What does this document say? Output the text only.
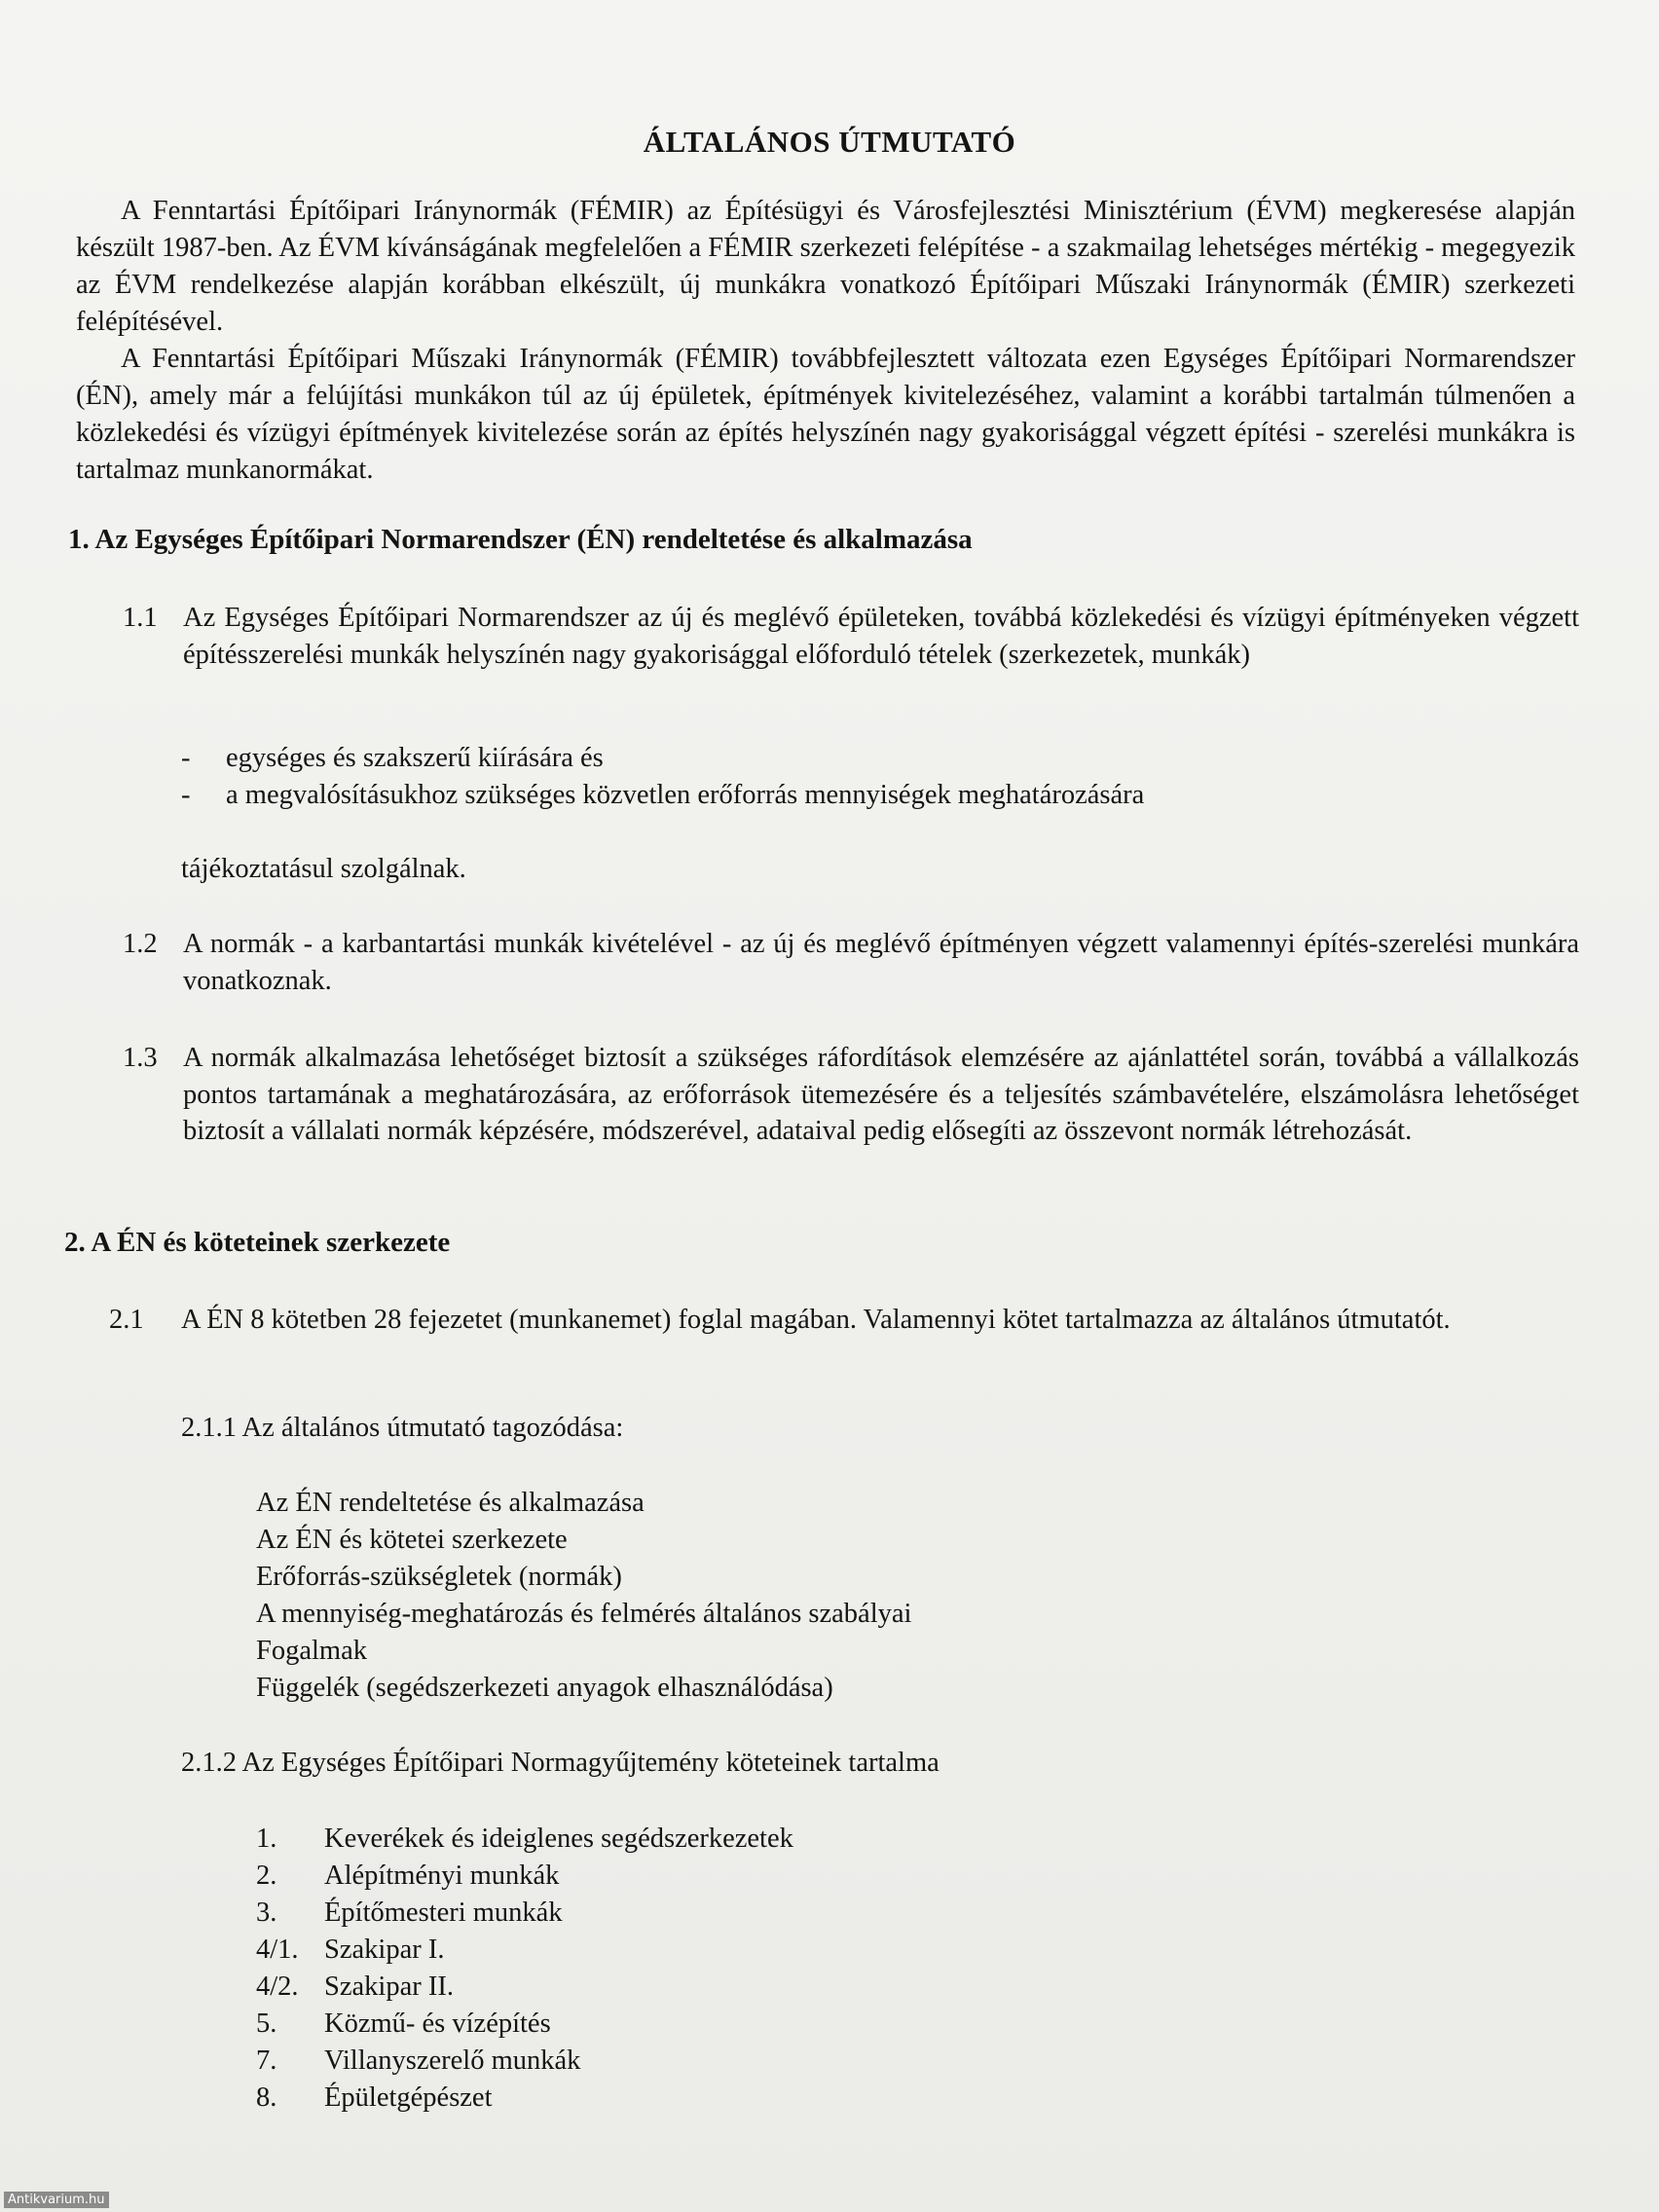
ÁLTALÁNOS ÚTMUTATÓ
A Fenntartási Építőipari Iránynormák (FÉMIR) az Építésügyi és Városfejlesztési Minisztérium (ÉVM) megkeresése alapján készült 1987-ben. Az ÉVM kívánságának megfelelően a FÉMIR szerkezeti felépítése - a szakmailag lehetséges mértékig - megegyezik az ÉVM rendelkezése alapján korábban elkészült, új munkákra vonatkozó Építőipari Műszaki Iránynormák (ÉMIR) szerkezeti felépítésével.
A Fenntartási Építőipari Műszaki Iránynormák (FÉMIR) továbbfejlesztett változata ezen Egységes Építőipari Normarendszer (ÉN), amely már a felújítási munkákon túl az új épületek, építmények kivitelezéséhez, valamint a korábbi tartalmán túlmenően a közlekedési és vízügyi építmények kivitelezése során az építés helyszínén nagy gyakorisággal végzett építési - szerelési munkákra is tartalmaz munkanormákat.
1. Az Egységes Építőipari Normarendszer (ÉN) rendeltetése és alkalmazása
1.1 Az Egységes Építőipari Normarendszer az új és meglévő épületeken, továbbá közlekedési és vízügyi építményeken végzett építésszerelési munkák helyszínén nagy gyakorisággal előforduló tételek (szerkezetek, munkák)
- egységes és szakszerű kiírására és
- a megvalósításukhoz szükséges közvetlen erőforrás mennyiségek meghatározására
tájékoztatásul szolgálnak.
1.2 A normák - a karbantartási munkák kivételével - az új és meglévő építményen végzett valamennyi építés-szerelési munkára vonatkoznak.
1.3 A normák alkalmazása lehetőséget biztosít a szükséges ráfordítások elemzésére az ajánlattétel során, továbbá a vállalkozás pontos tartamának a meghatározására, az erőforrások ütemezésére és a teljesítés számbavételére, elszámolásra lehetőséget biztosít a vállalati normák képzésére, módszerével, adataival pedig elősegíti az összevont normák létrehozását.
2. A ÉN és köteteinek szerkezete
2.1 A ÉN 8 kötetben 28 fejezetet (munkanemet) foglal magában. Valamennyi kötet tartalmazza az általános útmutatót.
2.1.1 Az általános útmutató tagozódása:
Az ÉN rendeltetése és alkalmazása
Az ÉN és kötetei szerkezete
Erőforrás-szükségletek (normák)
A mennyiség-meghatározás és felmérés általános szabályai
Fogalmak
Függelék (segédszerkezeti anyagok elhasználódása)
2.1.2 Az Egységes Építőipari Normagyűjtemény köteteinek tartalma
1. Keverékek és ideiglenes segédszerkezetek
2. Alépítményi munkák
3. Építőmesteri munkák
4/1. Szakipar I.
4/2. Szakipar II.
5. Közmű- és vízépítés
7. Villanyszerelő munkák
8. Épületgépészet
Antikvarium.hu
